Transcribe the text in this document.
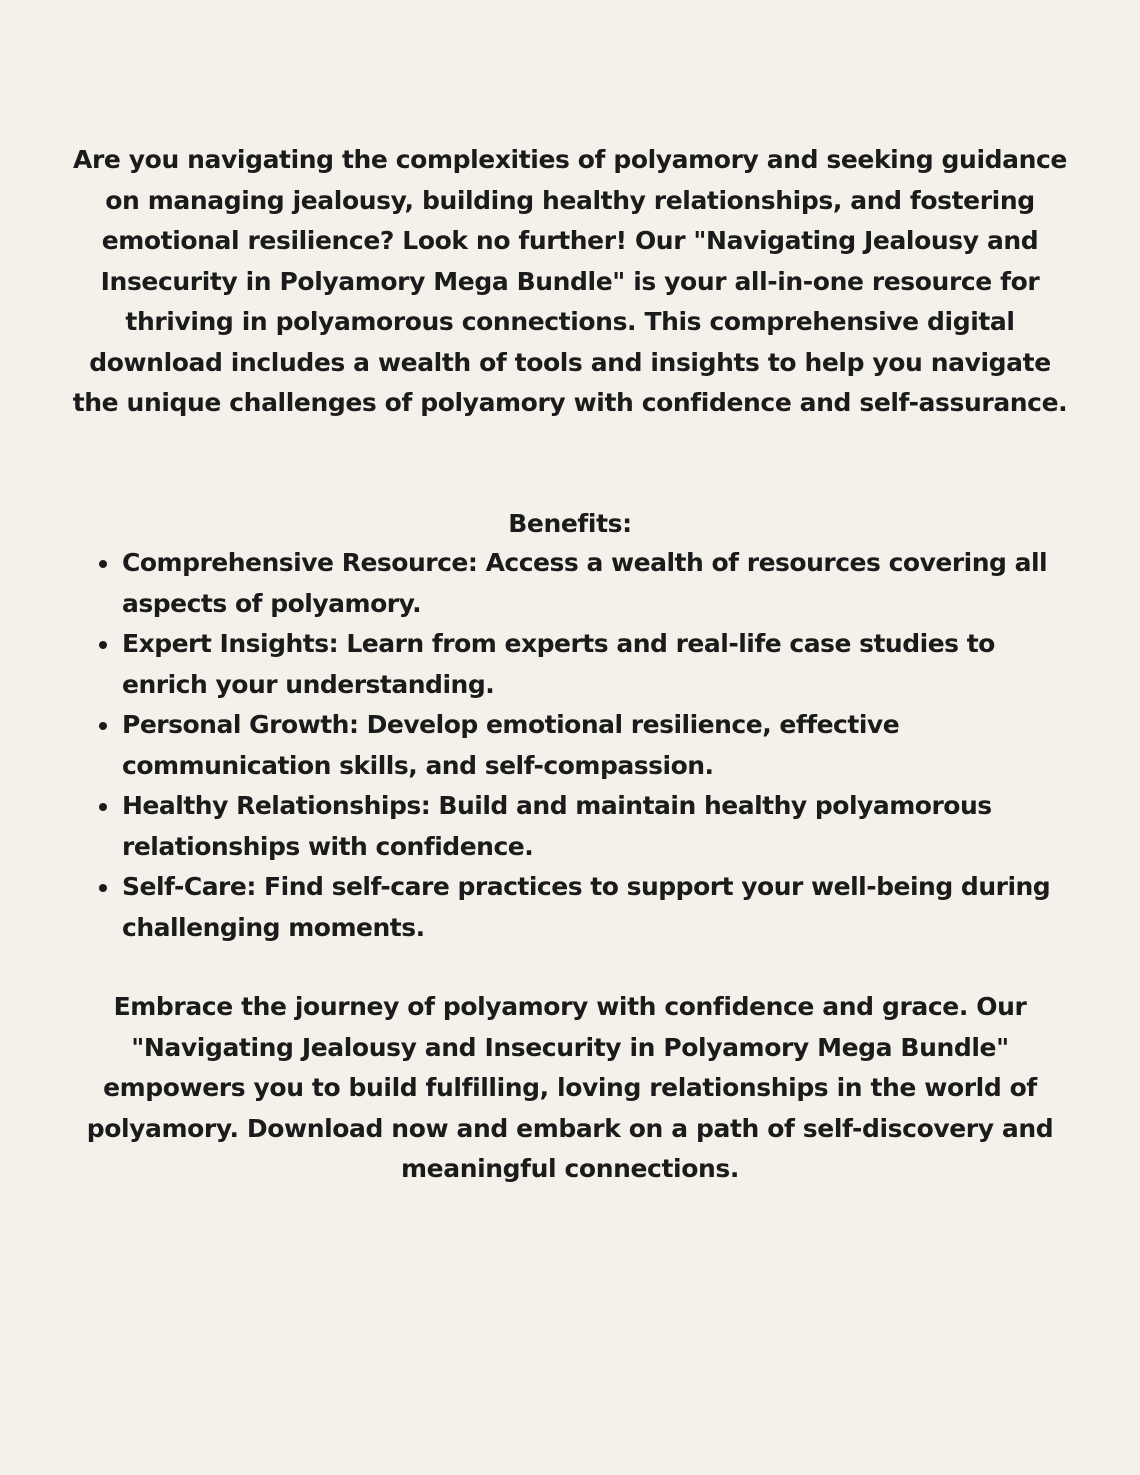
Are you navigating the complexities of polyamory and seeking guidance on managing jealousy, building healthy relationships, and fostering emotional resilience? Look no further! Our "Navigating Jealousy and Insecurity in Polyamory Mega Bundle" is your all-in-one resource for thriving in polyamorous connections. This comprehensive digital download includes a wealth of tools and insights to help you navigate the unique challenges of polyamory with confidence and self-assurance.

Benefits:
Comprehensive Resource: Access a wealth of resources covering all aspects of polyamory.
Expert Insights: Learn from experts and real-life case studies to enrich your understanding.
Personal Growth: Develop emotional resilience, effective communication skills, and self-compassion.
Healthy Relationships: Build and maintain healthy polyamorous relationships with confidence.
Self-Care: Find self-care practices to support your well-being during challenging moments.

Embrace the journey of polyamory with confidence and grace. Our "Navigating Jealousy and Insecurity in Polyamory Mega Bundle" empowers you to build fulfilling, loving relationships in the world of polyamory. Download now and embark on a path of self-discovery and meaningful connections.
